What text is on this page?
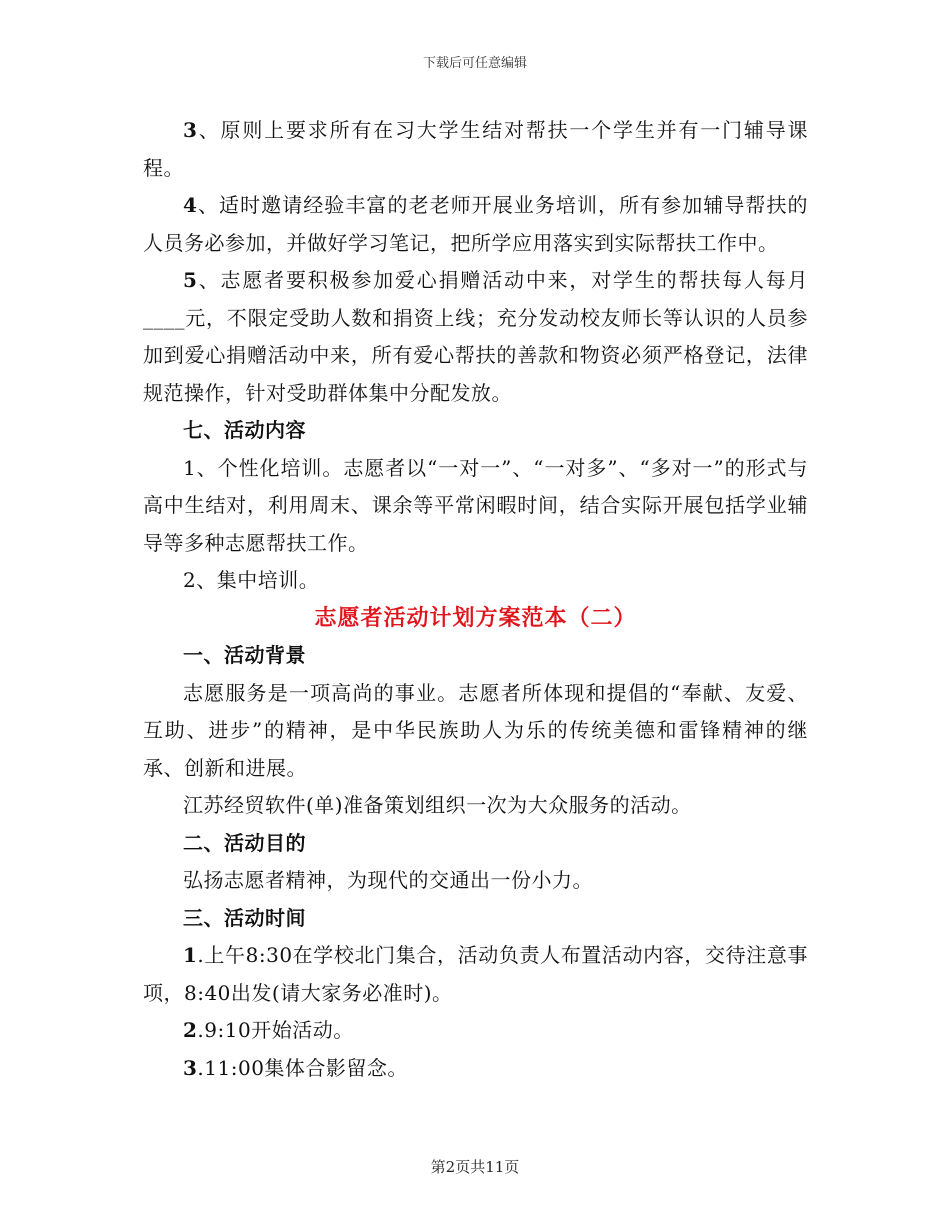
下载后可任意编辑

3、原则上要求所有在习大学生结对帮扶一个学生并有一门辅导课程。

4、适时邀请经验丰富的老老师开展业务培训，所有参加辅导帮扶的人员务必参加，并做好学习笔记，把所学应用落实到实际帮扶工作中。

5、志愿者要积极参加爱心捐赠活动中来，对学生的帮扶每人每月____元，不限定受助人数和捐资上线；充分发动校友师长等认识的人员参加到爱心捐赠活动中来，所有爱心帮扶的善款和物资必须严格登记，法律规范操作，针对受助群体集中分配发放。

七、活动内容

1、个性化培训。志愿者以“一对一”、“一对多”、“多对一”的形式与高中生结对，利用周末、课余等平常闲暇时间，结合实际开展包括学业辅导等多种志愿帮扶工作。

2、集中培训。

志愿者活动计划方案范本（二）

一、活动背景

志愿服务是一项高尚的事业。志愿者所体现和提倡的“奉献、友爱、互助、进步”的精神，是中华民族助人为乐的传统美德和雷锋精神的继承、创新和进展。

江苏经贸软件(单)准备策划组织一次为大众服务的活动。

二、活动目的

弘扬志愿者精神，为现代的交通出一份小力。

三、活动时间

1.上午8:30在学校北门集合，活动负责人布置活动内容，交待注意事项，8:40出发(请大家务必准时)。

2.9:10开始活动。

3.11:00集体合影留念。

第2页共11页
